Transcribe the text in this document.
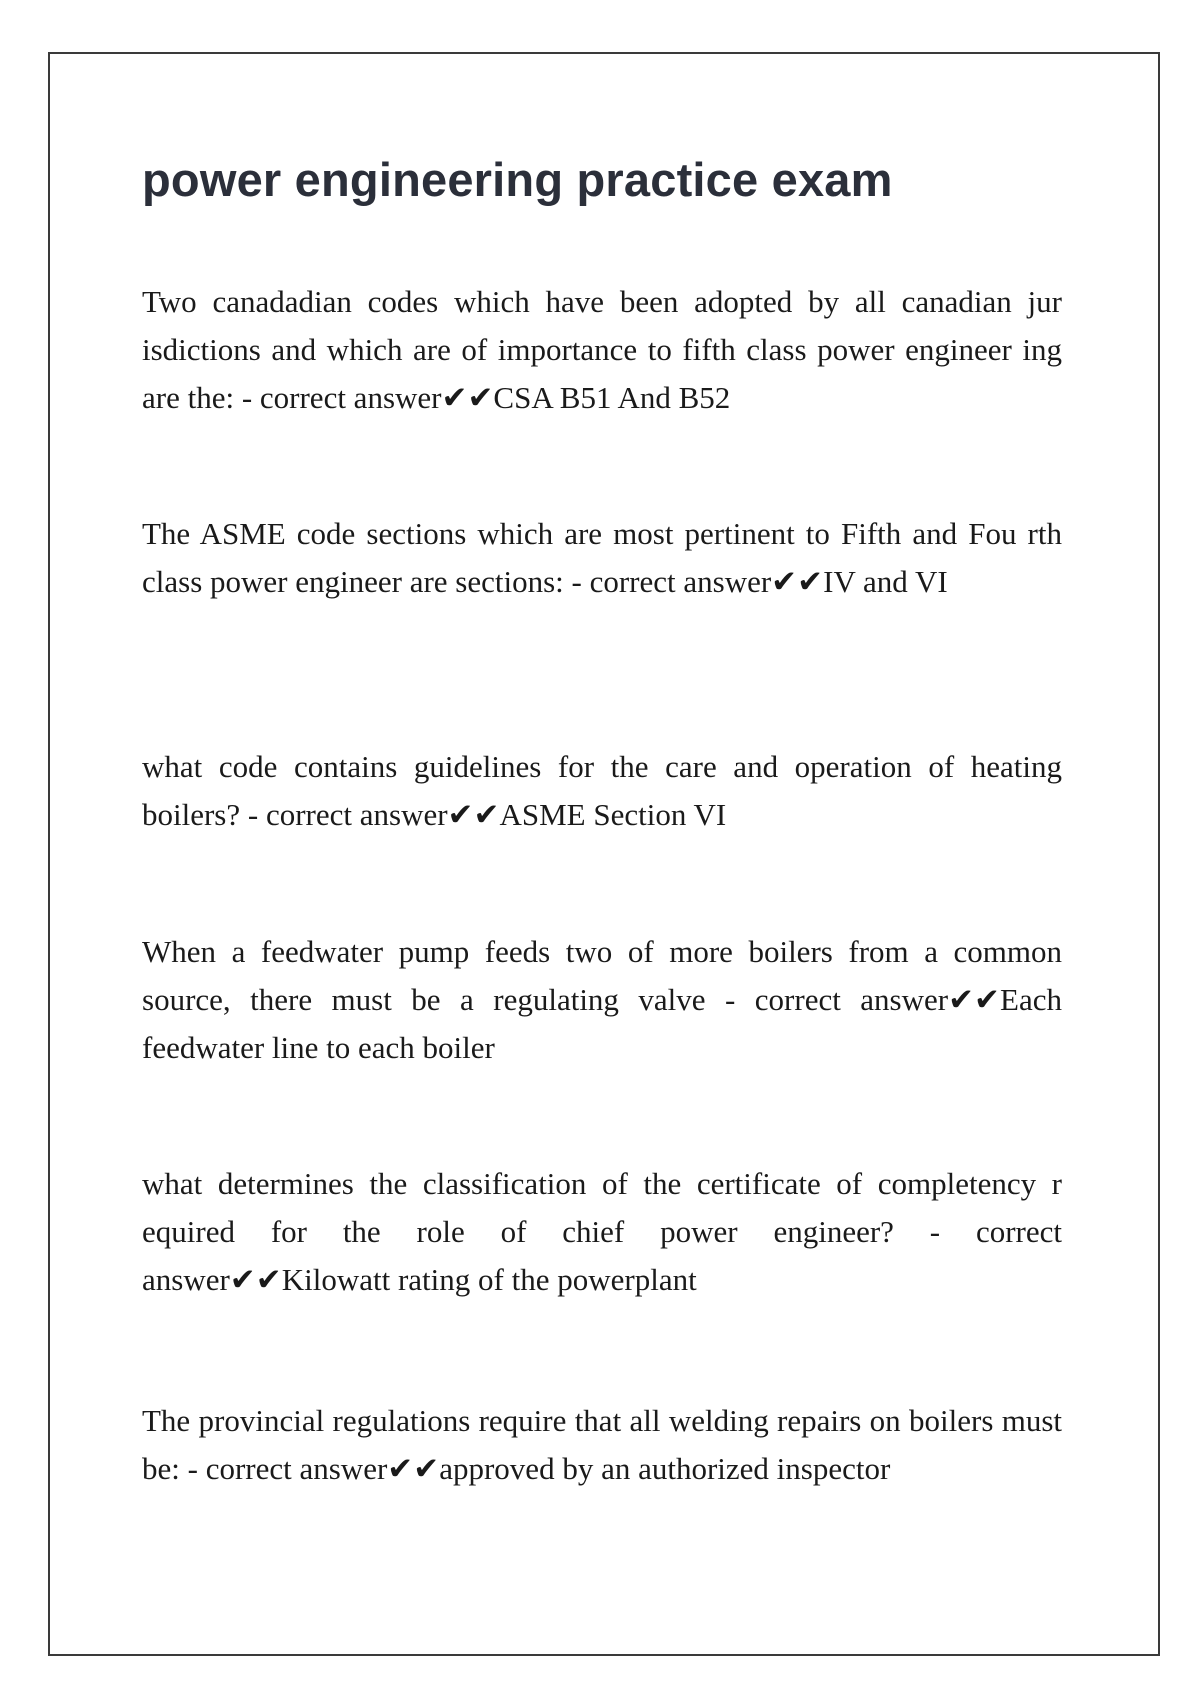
power engineering practice exam

Two canadadian codes which have been adopted by all canadian jur isdictions and which are of importance to fifth class power engineer ing are the: - correct answer✔✔CSA B51 And B52

The ASME code sections which are most pertinent to Fifth and Fou rth class power engineer are sections: - correct answer✔✔IV and VI

what code contains guidelines for the care and operation of heating boilers? - correct answer✔✔ASME Section VI

When a feedwater pump feeds two of more boilers from a common source, there must be a regulating valve - correct answer✔✔Each feedwater line to each boiler

what determines the classification of the certificate of completency r equired for the role of chief power engineer? - correct answer✔✔Kilowatt rating of the powerplant

The provincial regulations require that all welding repairs on boilers must be: - correct answer✔✔approved by an authorized inspector
